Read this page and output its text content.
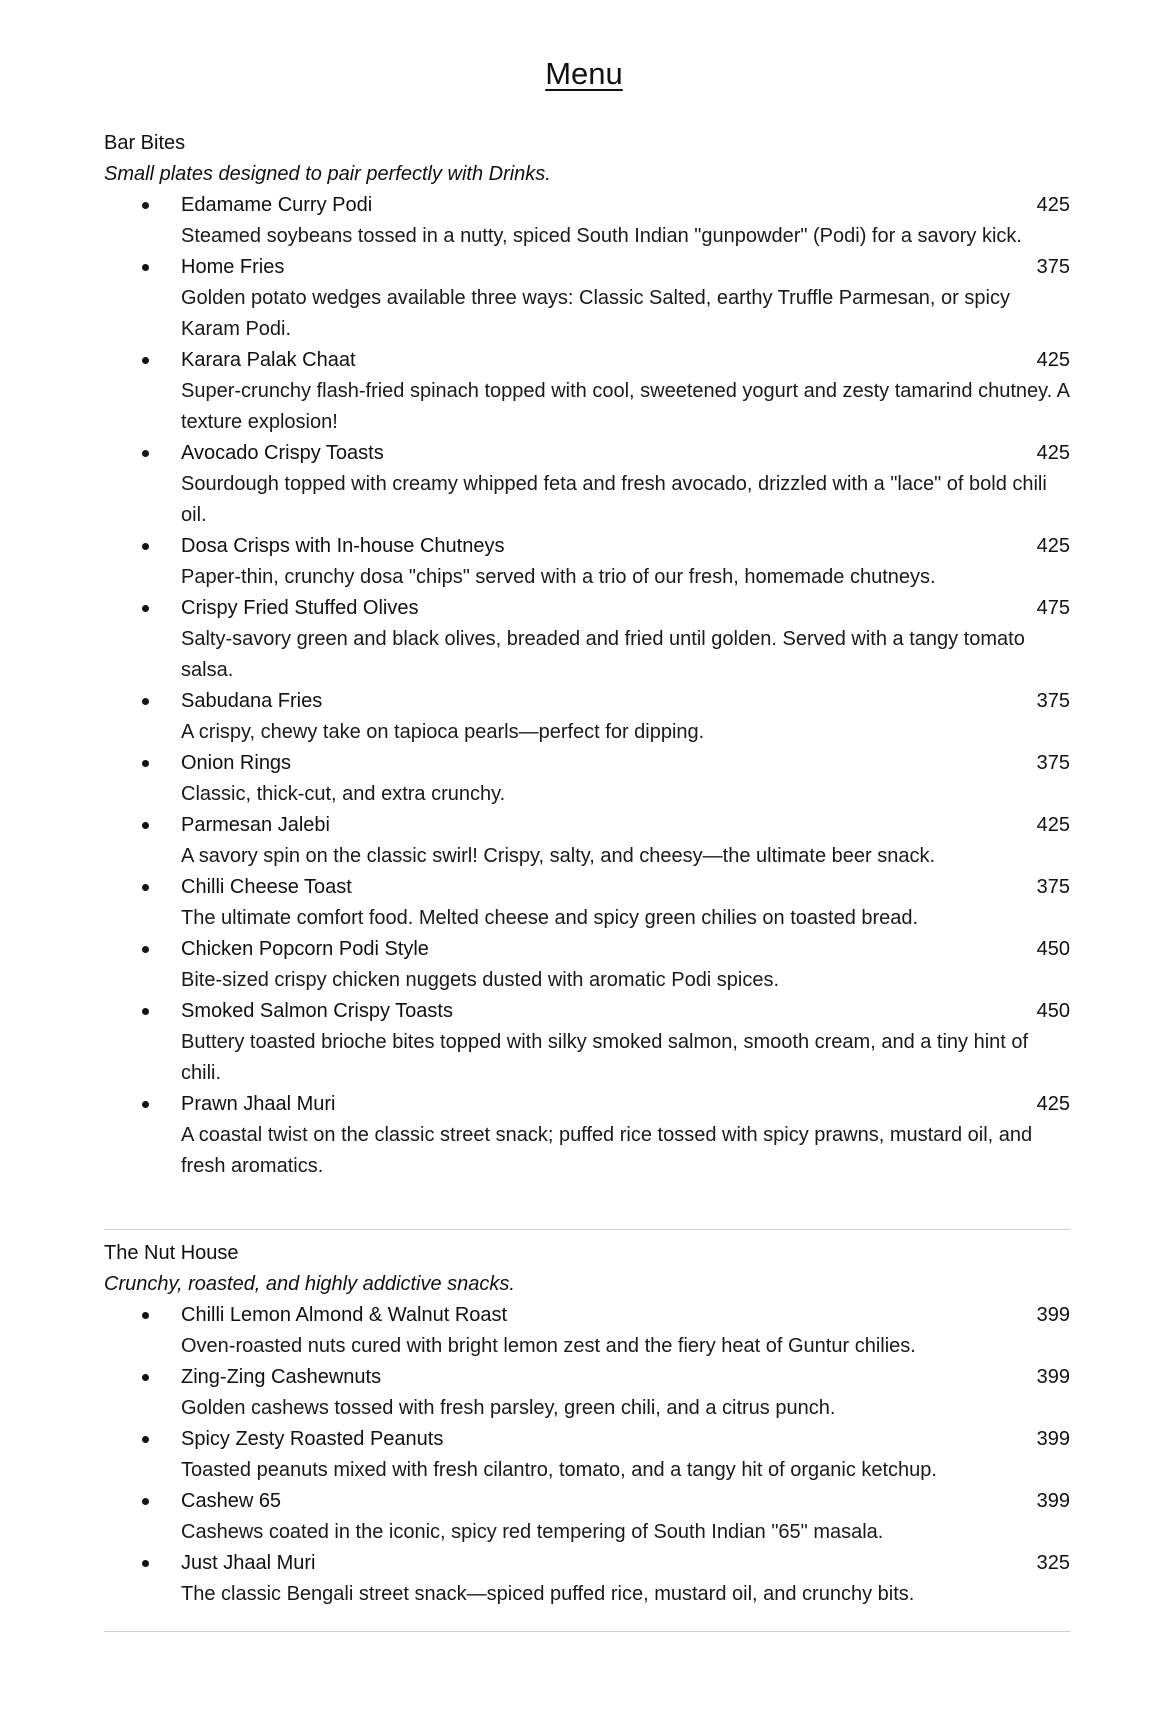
Menu
Bar Bites
Small plates designed to pair perfectly with Drinks.
Edamame Curry Podi	425
Steamed soybeans tossed in a nutty, spiced South Indian "gunpowder" (Podi) for a savory kick.
Home Fries	375
Golden potato wedges available three ways: Classic Salted, earthy Truffle Parmesan, or spicy Karam Podi.
Karara Palak Chaat	425
Super-crunchy flash-fried spinach topped with cool, sweetened yogurt and zesty tamarind chutney. A texture explosion!
Avocado Crispy Toasts	425
Sourdough topped with creamy whipped feta and fresh avocado, drizzled with a "lace" of bold chili oil.
Dosa Crisps with In-house Chutneys	425
Paper-thin, crunchy dosa "chips" served with a trio of our fresh, homemade chutneys.
Crispy Fried Stuffed Olives	475
Salty-savory green and black olives, breaded and fried until golden. Served with a tangy tomato salsa.
Sabudana Fries	375
A crispy, chewy take on tapioca pearls—perfect for dipping.
Onion Rings	375
Classic, thick-cut, and extra crunchy.
Parmesan Jalebi	425
A savory spin on the classic swirl! Crispy, salty, and cheesy—the ultimate beer snack.
Chilli Cheese Toast	375
The ultimate comfort food. Melted cheese and spicy green chilies on toasted bread.
Chicken Popcorn Podi Style	450
Bite-sized crispy chicken nuggets dusted with aromatic Podi spices.
Smoked Salmon Crispy Toasts	450
Buttery toasted brioche bites topped with silky smoked salmon, smooth cream, and a tiny hint of chili.
Prawn Jhaal Muri	425
A coastal twist on the classic street snack; puffed rice tossed with spicy prawns, mustard oil, and fresh aromatics.
The Nut House
Crunchy, roasted, and highly addictive snacks.
Chilli Lemon Almond & Walnut Roast	399
Oven-roasted nuts cured with bright lemon zest and the fiery heat of Guntur chilies.
Zing-Zing Cashewnuts	399
Golden cashews tossed with fresh parsley, green chili, and a citrus punch.
Spicy Zesty Roasted Peanuts	399
Toasted peanuts mixed with fresh cilantro, tomato, and a tangy hit of organic ketchup.
Cashew 65	399
Cashews coated in the iconic, spicy red tempering of South Indian "65" masala.
Just Jhaal Muri	325
The classic Bengali street snack—spiced puffed rice, mustard oil, and crunchy bits.
